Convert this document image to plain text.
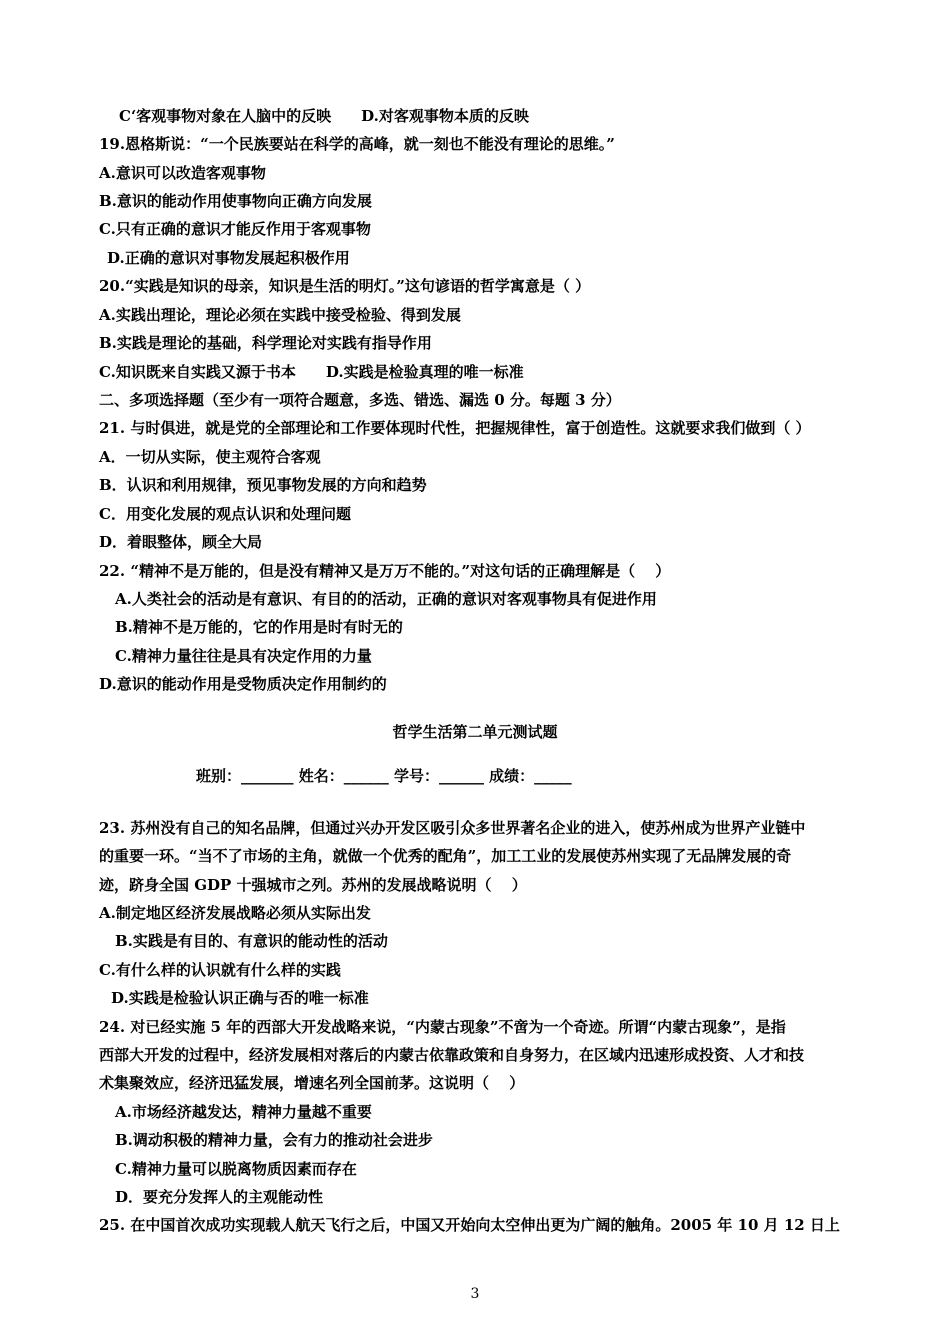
C‘客观事物对象在人脑中的反映　　D.对客观事物本质的反映
19.恩格斯说：“一个民族要站在科学的高峰，就一刻也不能没有理论的思维。”
A.意识可以改造客观事物
B.意识的能动作用使事物向正确方向发展
C.只有正确的意识才能反作用于客观事物
D.正确的意识对事物发展起积极作用
20.“实践是知识的母亲，知识是生活的明灯。”这句谚语的哲学寓意是（ ）
A.实践出理论，理论必须在实践中接受检验、得到发展
B.实践是理论的基础，科学理论对实践有指导作用
C.知识既来自实践又源于书本　　D.实践是检验真理的唯一标准
二、多项选择题（至少有一项符合题意，多选、错选、漏选 0 分。每题 3 分）
21. 与时俱进，就是党的全部理论和工作要体现时代性，把握规律性，富于创造性。这就要求我们做到（ ）
A．一切从实际，使主观符合客观
B．认识和利用规律，预见事物发展的方向和趋势
C．用变化发展的观点认识和处理问题
D．着眼整体，顾全大局
22. “精神不是万能的，但是没有精神又是万万不能的。”对这句话的正确理解是（　 ）
A.人类社会的活动是有意识、有目的的活动，正确的意识对客观事物具有促进作用
B.精神不是万能的，它的作用是时有时无的
C.精神力量往往是具有决定作用的力量
D.意识的能动作用是受物质决定作用制约的
哲学生活第二单元测试题
班别：_______ 姓名：______ 学号：______ 成绩：_____
23. 苏州没有自己的知名品牌，但通过兴办开发区吸引众多世界著名企业的进入，使苏州成为世界产业链中
的重要一环。“当不了市场的主角，就做一个优秀的配角”，加工工业的发展使苏州实现了无品牌发展的奇
迹，跻身全国 GDP 十强城市之列。苏州的发展战略说明（　 ）
A.制定地区经济发展战略必须从实际出发
B.实践是有目的、有意识的能动性的活动
C.有什么样的认识就有什么样的实践
D.实践是检验认识正确与否的唯一标准
24. 对已经实施 5 年的西部大开发战略来说，“内蒙古现象”不啻为一个奇迹。所谓“内蒙古现象”，是指
西部大开发的过程中，经济发展相对落后的内蒙古依靠政策和自身努力，在区域内迅速形成投资、人才和技
术集聚效应，经济迅猛发展，增速名列全国前茅。这说明（　 ）
A.市场经济越发达，精神力量越不重要
B.调动积极的精神力量，会有力的推动社会进步
C.精神力量可以脱离物质因素而存在
D．要充分发挥人的主观能动性
25. 在中国首次成功实现载人航天飞行之后，中国又开始向太空伸出更为广阔的触角。2005 年 10 月 12 日上
3
